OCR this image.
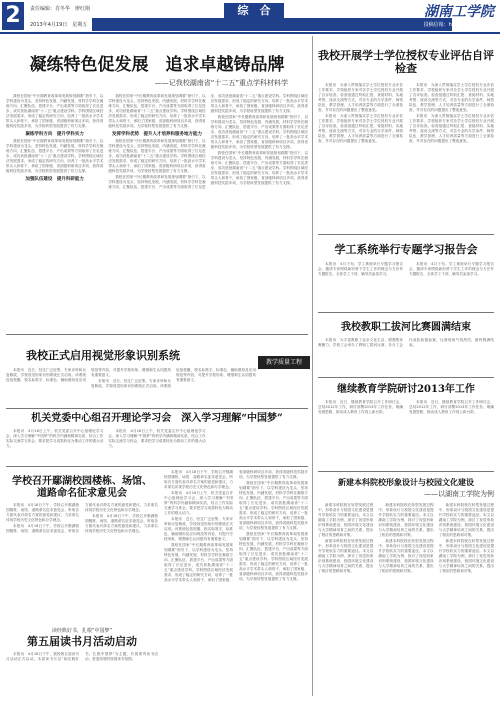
2	责任编辑：肖冬华　廖红刚
2013年4月19日　星期五
综　合	湖南工学院
投稿信箱：hngxyb@163.com
凝练特色促发展　追求卓越铸品牌
——记我校湖南省“十二五”重点学科材料学

我校在国家“中长期教育改革和发展规划纲要”指引下，以学科建设为龙头，坚持特色发展、内涵发展，材料学学科在凝练方向、汇聚队伍、搭建平台、产出成果等方面取得了长足进步，成功获批湖南省“十二五”重点建设学科。学科围绕区域经济发展需求，形成了稳定的研究方向，培养了一批高水平学术带头人和骨干，承担了国家级、省部级科研项目多项，获得省级科技奖励多项，为学校转型发展提供了有力支撑。

凝练学科方向　提升学科实力

我校在国家“中长期教育改革和发展规划纲要”指引下，以学科建设为龙头，坚持特色发展、内涵发展，材料学学科在凝练方向、汇聚队伍、搭建平台、产出成果等方面取得了长足进步，成功获批湖南省“十二五”重点建设学科。学科围绕区域经济发展需求，形成了稳定的研究方向，培养了一批高水平学术带头人和骨干，承担了国家级、省部级科研项目多项，获得省级科技奖励多项，为学校转型发展提供了有力支撑。

加强队伍建设　提升科研能力

我校在国家“中长期教育改革和发展规划纲要”指引下，以学科建设为龙头，坚持特色发展、内涵发展，材料学学科在凝练方向、汇聚队伍、搭建平台、产出成果等方面取得了长足进步，成功获批湖南省“十二五”重点建设学科。学科围绕区域经济发展需求，形成了稳定的研究方向，培养了一批高水平学术带头人和骨干，承担了国家级、省部级科研项目多项，获得省级科技奖励多项，为学校转型发展提供了有力支撑。

发挥学科优势　提升人才培养和服务地方能力

我校在国家“中长期教育改革和发展规划纲要”指引下，以学科建设为龙头，坚持特色发展、内涵发展，材料学学科在凝练方向、汇聚队伍、搭建平台、产出成果等方面取得了长足进步，成功获批湖南省“十二五”重点建设学科。学科围绕区域经济发展需求，形成了稳定的研究方向，培养了一批高水平学术带头人和骨干，承担了国家级、省部级科研项目多项，获得省级科技奖励多项，为学校转型发展提供了有力支撑。

我校在国家“中长期教育改革和发展规划纲要”指引下，以学科建设为龙头，坚持特色发展、内涵发展，材料学学科在凝练方向、汇聚队伍、搭建平台、产出成果等方面取得了长足进步，成功获批湖南省“十二五”重点建设学科。学科围绕区域经济发展需求，形成了稳定的研究方向，培养了一批高水平学术带头人和骨干，承担了国家级、省部级科研项目多项，获得省级科技奖励多项，为学校转型发展提供了有力支撑。

我校在国家“中长期教育改革和发展规划纲要”指引下，以学科建设为龙头，坚持特色发展、内涵发展，材料学学科在凝练方向、汇聚队伍、搭建平台、产出成果等方面取得了长足进步，成功获批湖南省“十二五”重点建设学科。学科围绕区域经济发展需求，形成了稳定的研究方向，培养了一批高水平学术带头人和骨干，承担了国家级、省部级科研项目多项，获得省级科技奖励多项，为学校转型发展提供了有力支撑。

我校在国家“中长期教育改革和发展规划纲要”指引下，以学科建设为龙头，坚持特色发展、内涵发展，材料学学科在凝练方向、汇聚队伍、搭建平台、产出成果等方面取得了长足进步，成功获批湖南省“十二五”重点建设学科。学科围绕区域经济发展需求，形成了稳定的研究方向，培养了一批高水平学术带头人和骨干，承担了国家级、省部级科研项目多项，获得省级科技奖励多项，为学校转型发展提供了有力支撑。

教学质量工程
我校正式启用视觉形象识别系统

本报讯　近日，经过广泛征集、专家评审和反复修改，学校视觉形象识别系统正式启用。该系统包括校徽、校名标准字、标准色、辅助图形及应用规范等内容，对提升学校形象、增强师生认同感具有重要意义。

本报讯　近日，经过广泛征集、专家评审和反复修改，学校视觉形象识别系统正式启用。该系统包括校徽、校名标准字、标准色、辅助图形及应用规范等内容，对提升学校形象、增强师生认同感具有重要意义。

机关党委中心组召开理论学习会　深入学习理解“中国梦”

本报讯　4月16日上午，机关党委召开中心组理论学习会，深入学习理解“中国梦”的科学内涵和精神实质，结合工作实际交流学习体会，要求把学习成果转化为推动工作的强大动力。

本报讯　4月16日上午，机关党委召开中心组理论学习会，深入学习理解“中国梦”的科学内涵和精神实质，结合工作实际交流学习体会，要求把学习成果转化为推动工作的强大动力。

学校召开鄢湖校园楼栋、场馆、道路命名征求意见会

本报讯　4月18日下午，学校召开鄢湖校园楼栋、场馆、道路命名征求意见会，听取各方面代表对命名方案的意见和建议，力求命名体现学校历史文化特色和办学理念。

本报讯　4月18日下午，学校召开鄢湖校园楼栋、场馆、道路命名征求意见会，听取各方面代表对命名方案的意见和建议，力求命名体现学校历史文化特色和办学理念。

本报讯　4月18日下午，学校召开鄢湖校园楼栋、场馆、道路命名征求意见会，听取各方面代表对命名方案的意见和建议，力求命名体现学校历史文化特色和办学理念。

读经典好书，扎根“中国梦”
第五届读书月活动启动

本报讯　4月18日下午，我校第五届读书月活动正式启动。本届读书月以“读经典好书，扎根中国梦”为主题，开展系列读书活动，营造浓厚的校园读书氛围。

本报讯　4月18日下午，学校召开鄢湖校园楼栋、场馆、道路命名征求意见会，听取各方面代表对命名方案的意见和建议，力求命名体现学校历史文化特色和办学理念。

本报讯　4月16日上午，机关党委召开中心组理论学习会，深入学习理解“中国梦”的科学内涵和精神实质，结合工作实际交流学习体会，要求把学习成果转化为推动工作的强大动力。

本报讯　近日，经过广泛征集、专家评审和反复修改，学校视觉形象识别系统正式启用。该系统包括校徽、校名标准字、标准色、辅助图形及应用规范等内容，对提升学校形象、增强师生认同感具有重要意义。

我校在国家“中长期教育改革和发展规划纲要”指引下，以学科建设为龙头，坚持特色发展、内涵发展，材料学学科在凝练方向、汇聚队伍、搭建平台、产出成果等方面取得了长足进步，成功获批湖南省“十二五”重点建设学科。学科围绕区域经济发展需求，形成了稳定的研究方向，培养了一批高水平学术带头人和骨干，承担了国家级、省部级科研项目多项，获得省级科技奖励多项，为学校转型发展提供了有力支撑。

我校在国家“中长期教育改革和发展规划纲要”指引下，以学科建设为龙头，坚持特色发展、内涵发展，材料学学科在凝练方向、汇聚队伍、搭建平台、产出成果等方面取得了长足进步，成功获批湖南省“十二五”重点建设学科。学科围绕区域经济发展需求，形成了稳定的研究方向，培养了一批高水平学术带头人和骨干，承担了国家级、省部级科研项目多项，获得省级科技奖励多项，为学校转型发展提供了有力支撑。

我校在国家“中长期教育改革和发展规划纲要”指引下，以学科建设为龙头，坚持特色发展、内涵发展，材料学学科在凝练方向、汇聚队伍、搭建平台、产出成果等方面取得了长足进步，成功获批湖南省“十二五”重点建设学科。学科围绕区域经济发展需求，形成了稳定的研究方向，培养了一批高水平学术带头人和骨干，承担了国家级、省部级科研项目多项，获得省级科技奖励多项，为学校转型发展提供了有力支撑。

我校开展学士学位授权专业评估自评检查

本报讯　为深入贯彻落实学士学位授权专业评估工作要求，学校组织专家对各学士学位授权专业开展了自评检查。检查组通过听取汇报、查阅材料、实地考察、座谈交流等方式，对各专业的办学条件、师资队伍、教学管理、人才培养质量等方面进行了全面检查，并对存在的问题提出了整改意见。

本报讯　为深入贯彻落实学士学位授权专业评估工作要求，学校组织专家对各学士学位授权专业开展了自评检查。检查组通过听取汇报、查阅材料、实地考察、座谈交流等方式，对各专业的办学条件、师资队伍、教学管理、人才培养质量等方面进行了全面检查，并对存在的问题提出了整改意见。

本报讯　为深入贯彻落实学士学位授权专业评估工作要求，学校组织专家对各学士学位授权专业开展了自评检查。检查组通过听取汇报、查阅材料、实地考察、座谈交流等方式，对各专业的办学条件、师资队伍、教学管理、人才培养质量等方面进行了全面检查，并对存在的问题提出了整改意见。

本报讯　为深入贯彻落实学士学位授权专业评估工作要求，学校组织专家对各学士学位授权专业开展了自评检查。检查组通过听取汇报、查阅材料、实地考察、座谈交流等方式，对各专业的办学条件、师资队伍、教学管理、人才培养质量等方面进行了全面检查，并对存在的问题提出了整改意见。

学工系统举行专题学习报告会

本报讯　4月下旬，学工系统举行专题学习报告会，邀请专家围绕新形势下学生工作的理念与方法作专题报告，全体学工干部、辅导员参加学习。

本报讯　4月下旬，学工系统举行专题学习报告会，邀请专家围绕新形势下学生工作的理念与方法作专题报告，全体学工干部、辅导员参加学习。

我校教职工拔河比赛圆满结束

本报讯　为丰富教职工业余文化生活，增强集体凝聚力，学校工会举办了教职工拔河比赛，各分工会代表队积极参赛，比赛现场气氛热烈，最终圆满结束。

继续教育学院研讨2013年工作

本报讯　近日，继续教育学院召开工作研讨会，总结2012年工作，研讨部署2013年工作任务，明确发展思路，推动成人教育工作再上新台阶。

本报讯　近日，继续教育学院召开工作研讨会，总结2012年工作，研讨部署2013年工作任务，明确发展思路，推动成人教育工作再上新台阶。

新建本科院校形象设计与校园文化建设
——以湖南工学院为例

新建本科院校在转型发展过程中，形象设计与校园文化建设是提升学校软实力的重要途径。本文以湖南工学院为例，探讨了视觉形象识别系统建设、校园环境文化建设与大学精神培育之间的关系，提出了相应的思路和对策。

新建本科院校在转型发展过程中，形象设计与校园文化建设是提升学校软实力的重要途径。本文以湖南工学院为例，探讨了视觉形象识别系统建设、校园环境文化建设与大学精神培育之间的关系，提出了相应的思路和对策。

新建本科院校在转型发展过程中，形象设计与校园文化建设是提升学校软实力的重要途径。本文以湖南工学院为例，探讨了视觉形象识别系统建设、校园环境文化建设与大学精神培育之间的关系，提出了相应的思路和对策。

新建本科院校在转型发展过程中，形象设计与校园文化建设是提升学校软实力的重要途径。本文以湖南工学院为例，探讨了视觉形象识别系统建设、校园环境文化建设与大学精神培育之间的关系，提出了相应的思路和对策。

新建本科院校在转型发展过程中，形象设计与校园文化建设是提升学校软实力的重要途径。本文以湖南工学院为例，探讨了视觉形象识别系统建设、校园环境文化建设与大学精神培育之间的关系，提出了相应的思路和对策。

新建本科院校在转型发展过程中，形象设计与校园文化建设是提升学校软实力的重要途径。本文以湖南工学院为例，探讨了视觉形象识别系统建设、校园环境文化建设与大学精神培育之间的关系，提出了相应的思路和对策。
